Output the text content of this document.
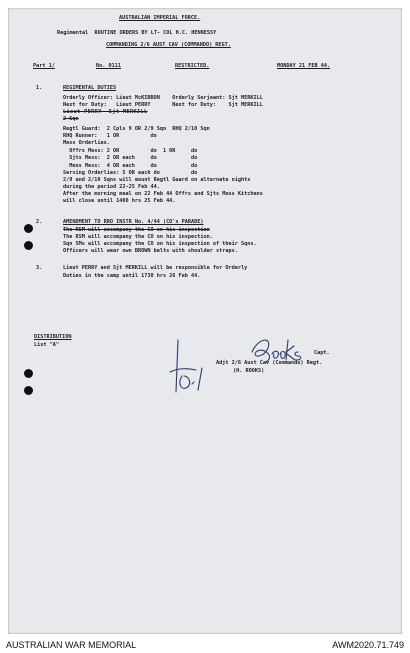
AUSTRALIAN IMPERIAL FORCE.
Regimental  ROUTINE ORDERS BY LT- COL H.C. HENNESSY
COMMANDING 2/6 AUST CAV (COMMANDO) REGT.
Part 1/	No. 0111	RESTRICTED.	MONDAY 21 FEB 44.
1.	REGIMENTAL DUTIES
Orderly Officer: Lieut McKIBBON    Orderly Serjeant: Sjt MERKILL
Next for Duty:   Lieut PERRY       Next for Duty:    Sjt MERKILL
Lieut PERRY  Sjt MERKILL
2 Sqn
Regtl Guard:  2 Cpls 9 OR 2/9 Sqn  RHQ 2/10 Sqn
RHQ Runner:   1 OR          do
Mess Orderlies.
Offrs Mess: 2 OR          do  1 OR     do
Sjts Mess:  2 OR each     do           do
Mens Mess:  4 OR each     do           do
Serving Orderlies: 5 OR each do          do
2/9 and 2/10 Sqns will mount Regtl Guard on alternate nights
during the period 22-25 Feb 44.
After the morning meal on 22 Feb 44 Offrs and Sjts Mess Kitchens
will close until 1400 hrs 25 Feb 44.
2.	AMENDMENT TO RRO INSTR No. 4/44 (CO's PARADE)
The RSM will accompany the CO on his inspection
The RSM will accompany the CO on his inspection.
Sqn SMs will accompany the CO on his inspection of their Sqns.
Officers will wear own BROWN belts with shoulder straps.
3.	Lieut PERRY and Sjt MERKILL will be responsible for Orderly
Duties in the camp until 1730 hrs 26 Feb 44.
DISTRIBUTION
List "A"
Capt.
Adjt 2/6 Aust Cav (Commando) Regt.
(H. ROOKS)
AUSTRALIAN WAR MEMORIAL	AWM2020.71.749
